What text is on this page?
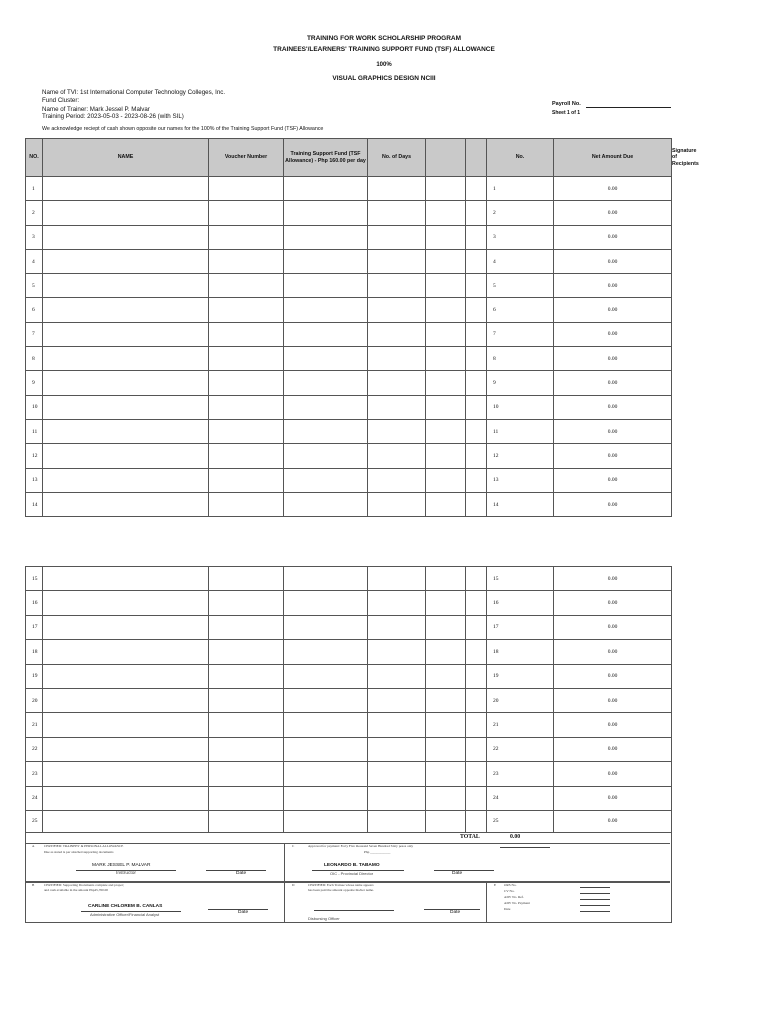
TRAINING FOR WORK SCHOLARSHIP PROGRAM
TRAINEES'/LEARNERS' TRAINING SUPPORT FUND (TSF) ALLOWANCE
100%
VISUAL GRAPHICS DESIGN NCIII
Name of TVI: 1st International Computer Technology Colleges, Inc.
Fund Cluster:
Name of Trainer: Mark Jessel P. Malvar
Training Period: 2023-05-03 - 2023-08-26 (with SIL)
Payroll No.
Sheet 1 of 1
We acknowledge reciept of cash shown opposite our names for the 100% of the Training Support Fund (TSF) Allowance
NO.	NAME	Voucher Number	Training Support Fund (TSF Allowance) - Php 160.00 per day	No. of Days			No.	Net Amount Due	Signature of Recipients
1							1	0.00	
2							2	0.00	
3							3	0.00	
4							4	0.00	
5							5	0.00	
6							6	0.00	
7							7	0.00	
8							8	0.00	
9							9	0.00	
10							10	0.00	
11							11	0.00	
12							12	0.00	
13							13	0.00	
14							14	0.00	
15							15	0.00	
16							16	0.00	
17							17	0.00	
18							18	0.00	
19							19	0.00	
20							20	0.00	
21							21	0.00	
22							22	0.00	
23							23	0.00	
24							24	0.00	
25							25	0.00	
TOTAL	0.00
A	CERTIFIED: TRAINEES' & PERSONAL ALLOWANCE
Due as stated is per attached supporting documents
MARK JESSEL P. MALVAR
Instructor	Date
C	Approved for payment: Forty Five thousand Seven Hundred Sixty pesos only
Php ____________
LEONARDO B. TABAMO
OIC - Provincial Director	Date
B	CERTIFIED: Supporting Documents complete and proper;
and cash available in the amount Php45,760.00
CARLINE CHLOREM B. CANLAS
Administrative Officer/Financial Analyst	Date
D	CERTIFIED: Each Trainee whose name appears
has been paid the amount opposite his/her name.
Disbursing Officer
Date
E ORS No.
CV No.
ADV No. Ref.
ADV No. Payment
Date
